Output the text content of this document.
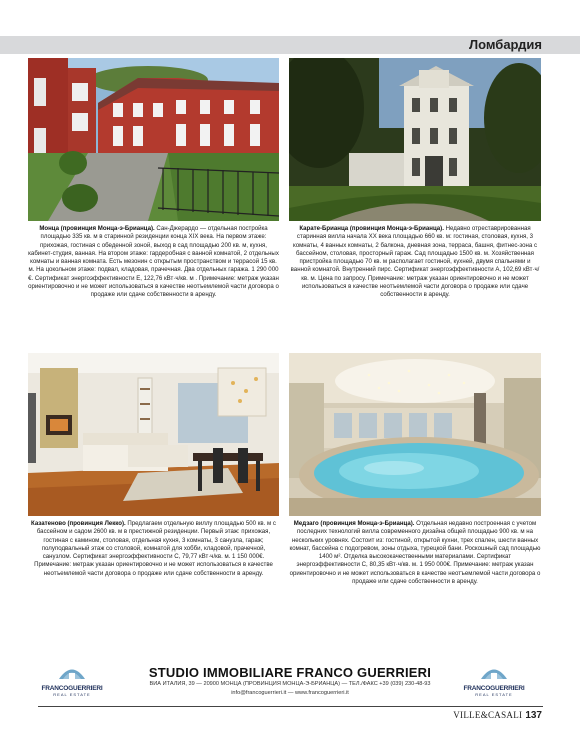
Ломбардия
Монца (провинция Монца-э-Брианца). Сан-Джерардо — отдельная постройка площадью 335 кв. м в старинной резиденции конца XIX века. На первом этаже: прихожая, гостиная с обеденной зоной, выход в сад площадью 200 кв. м, кухня, кабинет-студия, ванная. На втором этаже: гардеробная с ванной комнатой, 2 отдельных комнаты и ванная комната. Есть мезонин с открытым пространством и террасой 15 кв. м. На цокольном этаже: подвал, кладовая, прачечная. Два отдельных гаража. 1 290 000 €. Сертификат энергоэффективности E, 122,76 кВт·ч/кв. м . Примечание: метраж указан ориентировочно и не может использоваться в качестве неотъемлемой части договора о продаже или сдаче собственности в аренду.
Карате-Брианца (провинция Монца-э-Брианца). Недавно отреставрированная старинная вилла начала XX века площадью 660 кв. м: гостиная, столовая, кухня, 3 комнаты, 4 ванных комнаты, 2 балкона, дневная зона, терраса, башня, фитнес-зона с бассейном, столовая, просторный гараж. Сад площадью 1500 кв. м. Хозяйственная пристройка площадью 70 кв. м располагает гостиной, кухней, двумя спальнями и ванной комнатой. Внутренний пирс. Сертификат энергоэффективности A, 102,69 кВт·ч/кв. м. Цена по запросу. Примечание: метраж указан ориентировочно и не может использоваться в качестве неотъемлемой части договора о продаже или сдаче собственности в аренду.
Казатеново (провинция Лекко). Предлагаем отдельную виллу площадью 500 кв. м с бассейном и садом 2600 кв. м в престижной резиденции. Первый этаж: прихожая, гостиная с камином, столовая, отдельная кухня, 3 комнаты, 3 санузла, гараж; полуподвальный этаж со столовой, комнатой для хобби, кладовой, прачечной, санузлом. Сертификат энергоэффективности C, 79,77 кВт·ч/кв. м. 1 150 000€. Примечание: метраж указан ориентировочно и не может использоваться в качестве неотъемлемой части договора о продаже или сдаче собственности в аренду.
Медзаго (провинция Монца-э-Брианца). Отдельная недавно построенная с учетом последних технологий вилла современного дизайна общей площадью 900 кв. м на нескольких уровнях. Состоит из: гостиной, открытой кухни, трех спален, шести ванных комнат, бассейна с подогревом, зоны отдыха, турецкой бани. Роскошный сад площадью 1400 м². Отделка высококачественными материалами. Сертификат энергоэффективности C, 80,35 кВт·ч/кв. м. 1 950 000€. Примечание: метраж указан ориентировочно и не может использоваться в качестве неотъемлемой части договора о продаже или сдаче собственности в аренду.
FRANCOGUERRIERI
REAL ESTATE
FRANCOGUERRIERI
REAL ESTATE
STUDIO IMMOBILIARE FRANCO GUERRIERI
ВИА ИТАЛИЯ, 39 — 20900 МОНЦА (ПРОВИНЦИЯ МОНЦА-Э-БРИАНЦА) — ТЕЛ./ФАКС +39 (039) 230-48-93
info@francoguerrieri.it — www.francoguerrieri.it
VILLE&CASALI 137
